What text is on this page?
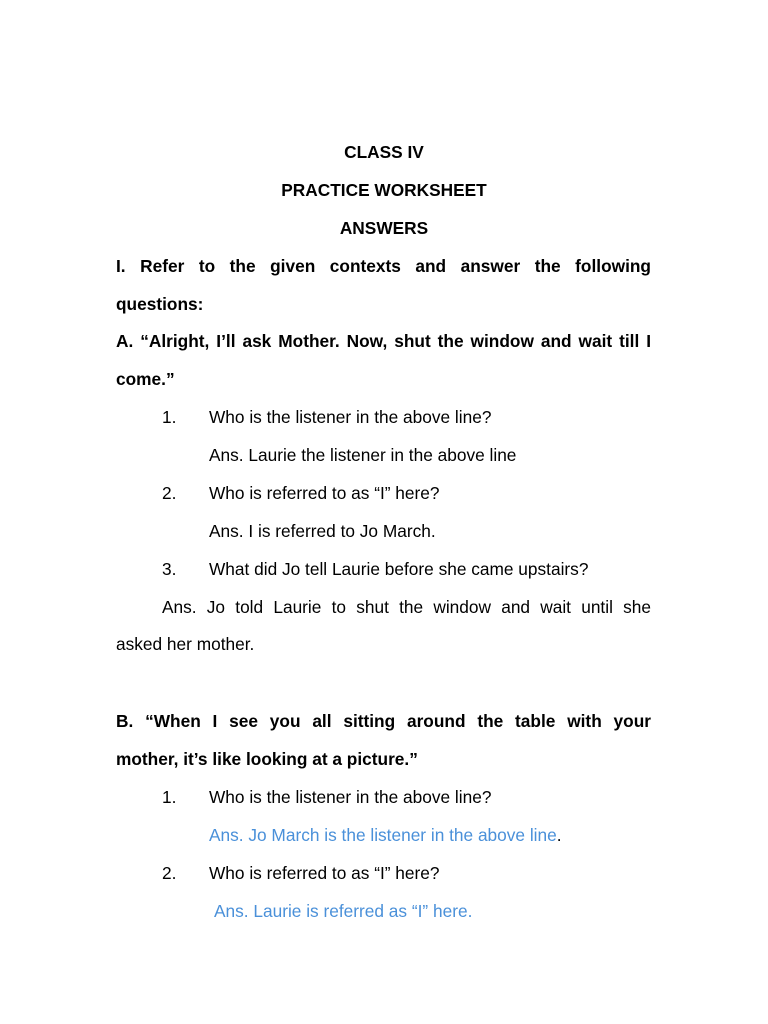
CLASS IV
PRACTICE WORKSHEET
ANSWERS
I. Refer to the given contexts and answer the following
questions:
A. “Alright, I’ll ask Mother. Now, shut the window and wait till I
come.”
1. Who is the listener in the above line?
Ans. Laurie the listener in the above line
2. Who is referred to as “I” here?
Ans. I is referred to Jo March.
3. What did Jo tell Laurie before she came upstairs?
Ans. Jo told Laurie to shut the window and wait until she
asked her mother.
B. “When I see you all sitting around the table with your
mother, it’s like looking at a picture.”
1. Who is the listener in the above line?
Ans. Jo March is the listener in the above line.
2. Who is referred to as “I” here?
Ans. Laurie is referred as “I” here.
